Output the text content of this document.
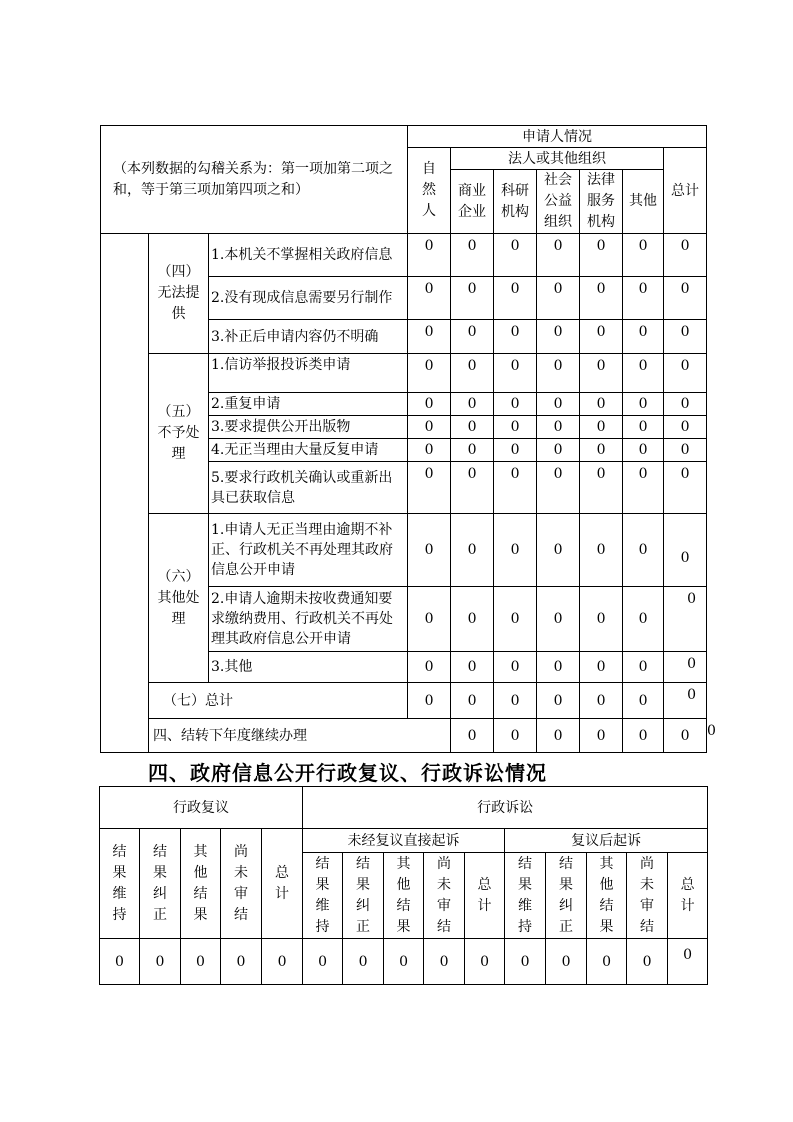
（本列数据的勾稽关系为：第一项加第二项之和，等于第三项加第四项之和）			申请人情况							

			自然人	法人或其他组织					总计	

				商业企业	科研机构	社会公益组织	法律服务机构	其他		
	（四）无法提供	1.本机关不掌握相关政府信息	0	0	0	0	0	0	0	
		2.没有现成信息需要另行制作	0	0	0	0	0	0	0	
		3.补正后申请内容仍不明确	0	0	0	0	0	0	0	
	（五）不予处理	1.信访举报投诉类申请	0	0	0	0	0	0	0	
		2.重复申请	0	0	0	0	0	0	0	
		3.要求提供公开出版物	0	0	0	0	0	0	0	
		4.无正当理由大量反复申请	0	0	0	0	0	0	0	
		5.要求行政机关确认或重新出具已获取信息	0	0	0	0	0	0	0	
	（六）其他处理	1.申请人无正当理由逾期不补正、行政机关不再处理其政府信息公开申请	0	0	0	0	0	0	0	
		2.申请人逾期未按收费通知要求缴纳费用、行政机关不再处理其政府信息公开申请	0	0	0	0	0	0	0	
		3.其他	0	0	0	0	0	0	0	
	（七）总计		0	0	0	0	0	0	0	
	四、结转下年度继续办理			0	0	0	0	0	0	0
四、政府信息公开行政复议、行政诉讼情况
行政复议					行政诉讼									

结果维持	结果纠正	其他结果	尚未审结	总计	未经复议直接起诉					复议后起诉				

					结果维持	结果纠正	其他结果	尚未审结	总计	结果维持	结果纠正	其他结果	尚未审结	总计

0	0	0	0	0	0	0	0	0	0	0	0	0	0	0
